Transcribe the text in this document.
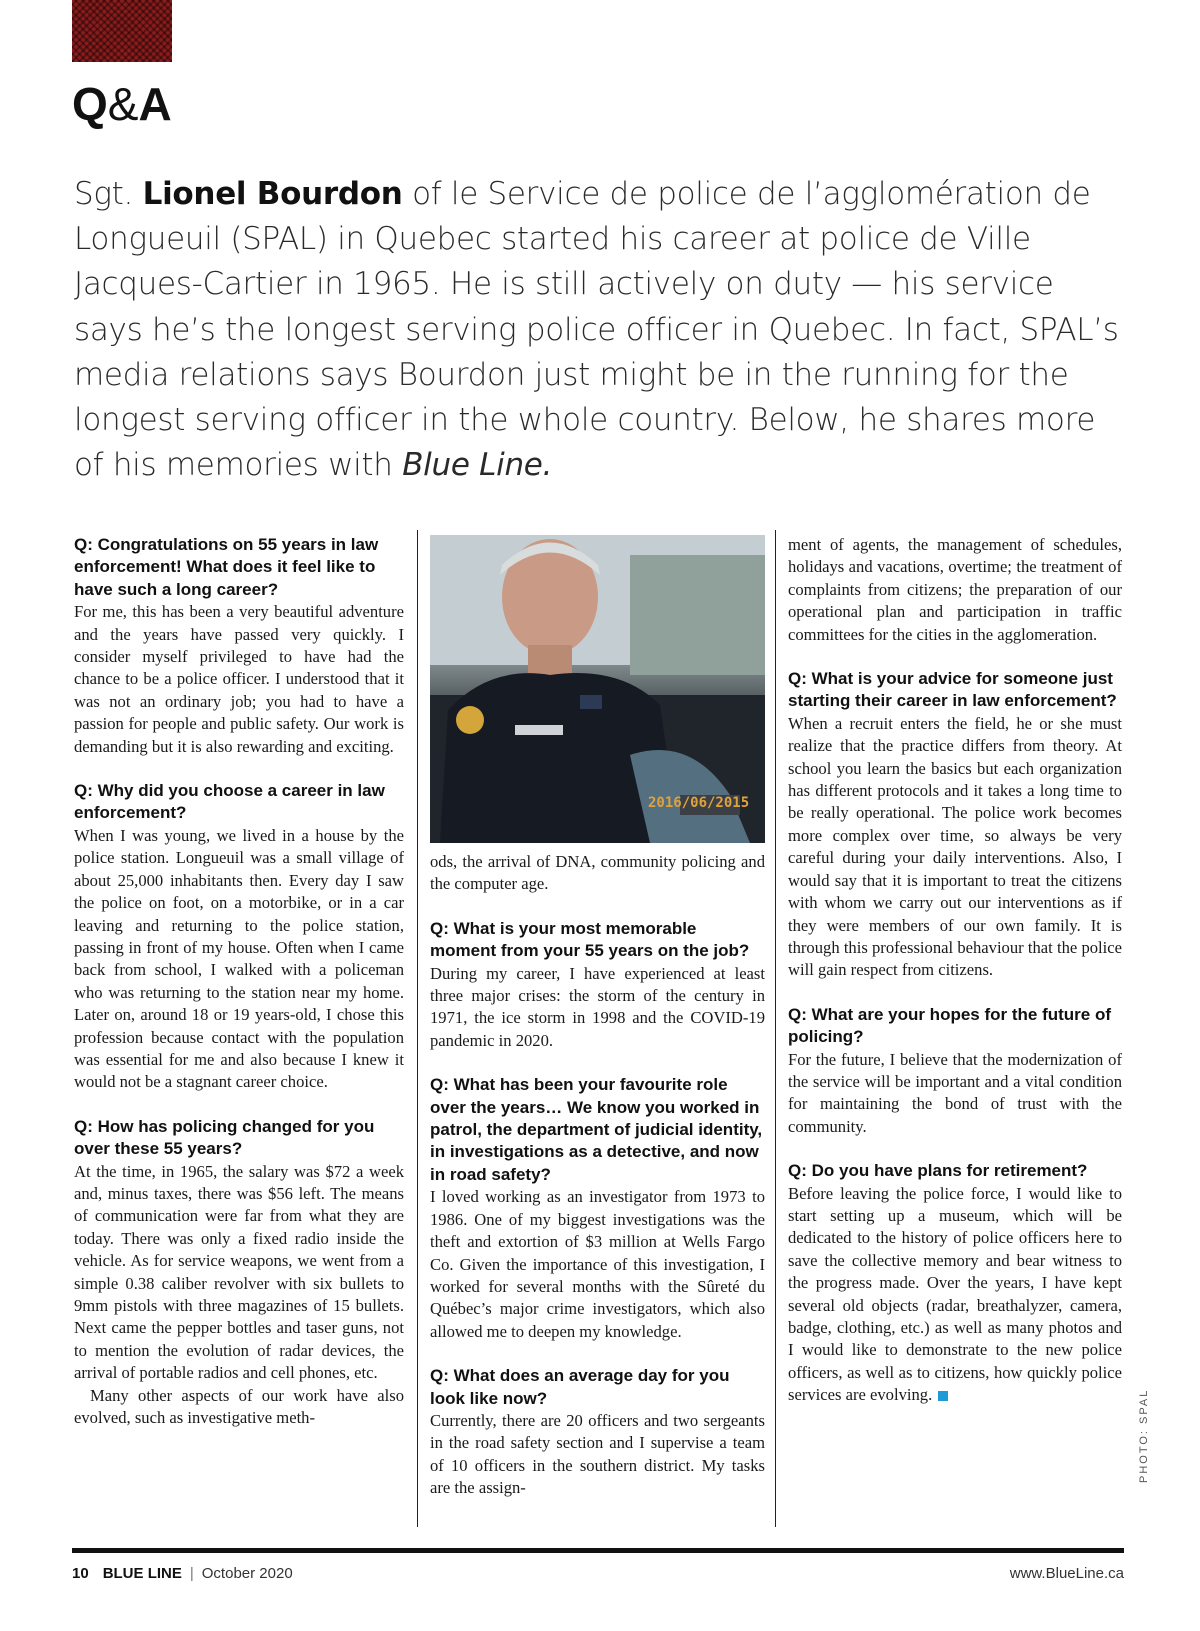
Q&A

Sgt. Lionel Bourdon of le Service de police de l’agglomération de Longueuil (SPAL) in Quebec started his career at police de Ville Jacques-Cartier in 1965. He is still actively on duty — his service says he’s the longest serving police officer in Quebec. In fact, SPAL’s media relations says Bourdon just might be in the running for the longest serving officer in the whole country. Below, he shares more of his memories with Blue Line.

Q: Congratulations on 55 years in law enforcement! What does it feel like to have such a long career?

For me, this has been a very beautiful adventure and the years have passed very quickly. I consider myself privileged to have had the chance to be a police officer. I understood that it was not an ordinary job; you had to have a passion for people and public safety. Our work is demanding but it is also rewarding and exciting.

Q: Why did you choose a career in law enforcement?

When I was young, we lived in a house by the police station. Longueuil was a small village of about 25,000 inhabitants then. Every day I saw the police on foot, on a motorbike, or in a car leaving and returning to the police station, passing in front of my house. Often when I came back from school, I walked with a policeman who was returning to the station near my home. Later on, around 18 or 19 years-old, I chose this profession because contact with the population was essential for me and also because I knew it would not be a stagnant career choice.

Q: How has policing changed for you over these 55 years?

At the time, in 1965, the salary was $72 a week and, minus taxes, there was $56 left. The means of communication were far from what they are today. There was only a fixed radio inside the vehicle. As for service weapons, we went from a simple 0.38 caliber revolver with six bullets to 9mm pistols with three magazines of 15 bullets. Next came the pepper bottles and taser guns, not to mention the evolution of radar devices, the arrival of portable radios and cell phones, etc.

Many other aspects of our work have also evolved, such as investigative meth-

2016/06/2015

ods, the arrival of DNA, community policing and the computer age.

Q: What is your most memorable moment from your 55 years on the job?

During my career, I have experienced at least three major crises: the storm of the century in 1971, the ice storm in 1998 and the COVID-19 pandemic in 2020.

Q: What has been your favourite role over the years… We know you worked in patrol, the department of judicial identity, in investigations as a detective, and now in road safety?

I loved working as an investigator from 1973 to 1986. One of my biggest investigations was the theft and extortion of $3 million at Wells Fargo Co. Given the importance of this investigation, I worked for several months with the Sûreté du Québec’s major crime investigators, which also allowed me to deepen my knowledge.

Q: What does an average day for you look like now?

Currently, there are 20 officers and two sergeants in the road safety section and I supervise a team of 10 officers in the southern district. My tasks are the assign-

ment of agents, the management of schedules, holidays and vacations, overtime; the treatment of complaints from citizens; the preparation of our operational plan and participation in traffic committees for the cities in the agglomeration.

Q: What is your advice for someone just starting their career in law enforcement?

When a recruit enters the field, he or she must realize that the practice differs from theory. At school you learn the basics but each organization has different protocols and it takes a long time to be really operational. The police work becomes more complex over time, so always be very careful during your daily interventions. Also, I would say that it is important to treat the citizens with whom we carry out our interventions as if they were members of our own family. It is through this professional behaviour that the police will gain respect from citizens.

Q: What are your hopes for the future of policing?

For the future, I believe that the modernization of the service will be important and a vital condition for maintaining the bond of trust with the community.

Q: Do you have plans for retirement?

Before leaving the police force, I would like to start setting up a museum, which will be dedicated to the history of police officers here to save the collective memory and bear witness to the progress made. Over the years, I have kept several old objects (radar, breathalyzer, camera, badge, clothing, etc.) as well as many photos and I would like to demonstrate to the new police officers, as well as to citizens, how quickly police services are evolving.	PHOTO: SPAL
10 BLUE LINE | October 2020	www.BlueLine.ca
